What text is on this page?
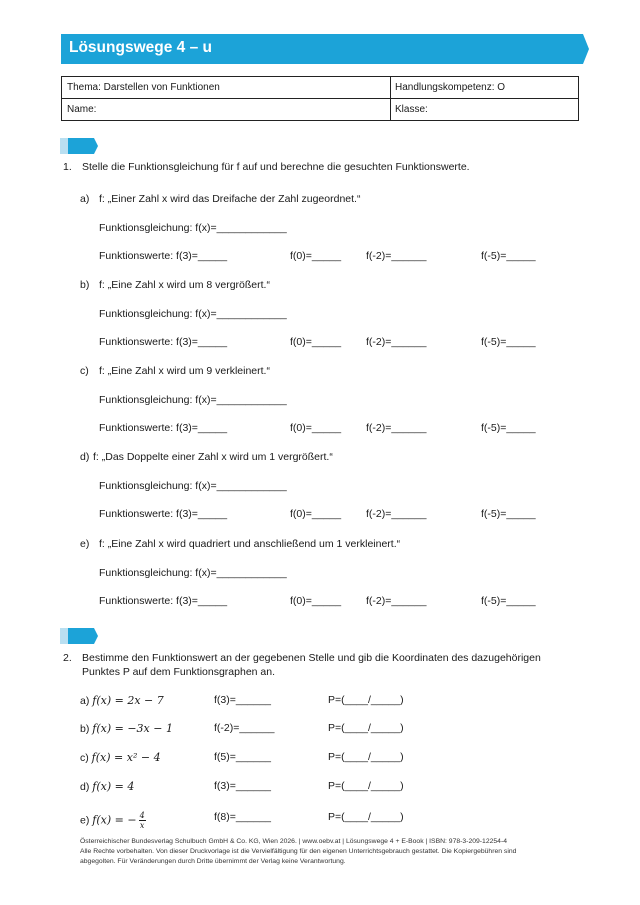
Lösungswege 4 – u
Thema: Darstellen von Funktionen	Handlungskompetenz: O
Name:	Klasse:
1. Stelle die Funktionsgleichung für f auf und berechne die gesuchten Funktionswerte.
a) f: „Einer Zahl x wird das Dreifache der Zahl zugeordnet.“
Funktionsgleichung: f(x)=____________
Funktionswerte: f(3)=_____	f(0)=_____ f(-2)=______	f(-5)=_____
b) f: „Eine Zahl x wird um 8 vergrößert.“
Funktionsgleichung: f(x)=____________
Funktionswerte: f(3)=_____	f(0)=_____ f(-2)=______	f(-5)=_____
c) f: „Eine Zahl x wird um 9 verkleinert.“
Funktionsgleichung: f(x)=____________
Funktionswerte: f(3)=_____	f(0)=_____ f(-2)=______	f(-5)=_____
d) f: „Das Doppelte einer Zahl x wird um 1 vergrößert.“
Funktionsgleichung: f(x)=____________
Funktionswerte: f(3)=_____	f(0)=_____ f(-2)=______	f(-5)=_____
e) f: „Eine Zahl x wird quadriert und anschließend um 1 verkleinert.“
Funktionsgleichung: f(x)=____________
Funktionswerte: f(3)=_____	f(0)=_____ f(-2)=______	f(-5)=_____
2. Bestimme den Funktionswert an der gegebenen Stelle und gib die Koordinaten des dazugehörigen
Punktes P auf dem Funktionsgraphen an.
a) f(x) = 2x − 7	f(3)=______	P=(____/_____)
b) f(x) = −3x − 1	f(-2)=______	P=(____/_____)
c) f(x) = x² − 4	f(5)=______	P=(____/_____)
d) f(x) = 4	f(3)=______	P=(____/_____)
e) f(x) = − $\frac{4}{x}$	f(8)=______	P=(____/_____)
Österreichischer Bundesverlag Schulbuch GmbH & Co. KG, Wien 2026. | www.oebv.at | Lösungswege 4 + E-Book | ISBN: 978-3-209-12254-4
Alle Rechte vorbehalten. Von dieser Druckvorlage ist die Vervielfältigung für den eigenen Unterrichtsgebrauch gestattet. Die Kopiergebühren sind
abgegolten. Für Veränderungen durch Dritte übernimmt der Verlag keine Verantwortung.
